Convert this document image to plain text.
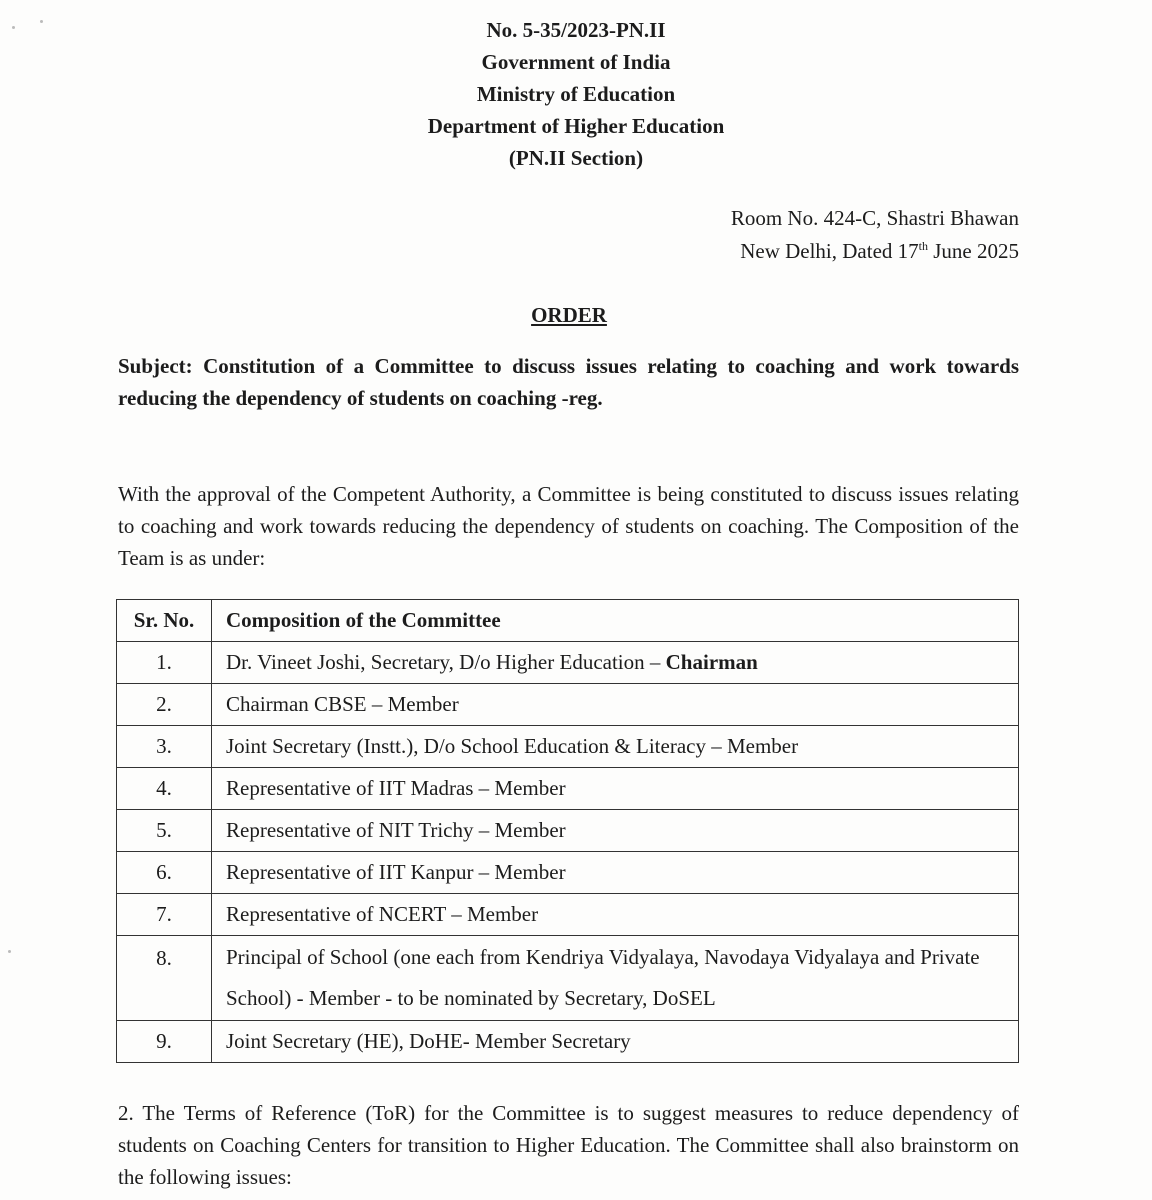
No. 5-35/2023-PN.II

Government of India

Ministry of Education

Department of Higher Education

(PN.II Section)

Room No. 424-C, Shastri Bhawan
New Delhi, Dated 17th June 2025
ORDER
Subject: Constitution of a Committee to discuss issues relating to coaching and work towards reducing the dependency of students on coaching -reg.
With the approval of the Competent Authority, a Committee is being constituted to discuss issues relating to coaching and work towards reducing the dependency of students on coaching. The Composition of the Team is as under:
Sr. No.	Composition of the Committee
1.	Dr. Vineet Joshi, Secretary, D/o Higher Education – Chairman
2.	Chairman CBSE – Member
3.	Joint Secretary (Instt.), D/o School Education & Literacy – Member
4.	Representative of IIT Madras – Member
5.	Representative of NIT Trichy – Member
6.	Representative of IIT Kanpur – Member
7.	Representative of NCERT – Member
8.	Principal of School (one each from Kendriya Vidyalaya, Navodaya Vidyalaya and Private School) - Member - to be nominated by Secretary, DoSEL
9.	Joint Secretary (HE), DoHE- Member Secretary
2. The Terms of Reference (ToR) for the Committee is to suggest measures to reduce dependency of students on Coaching Centers for transition to Higher Education. The Committee shall also brainstorm on the following issues:
